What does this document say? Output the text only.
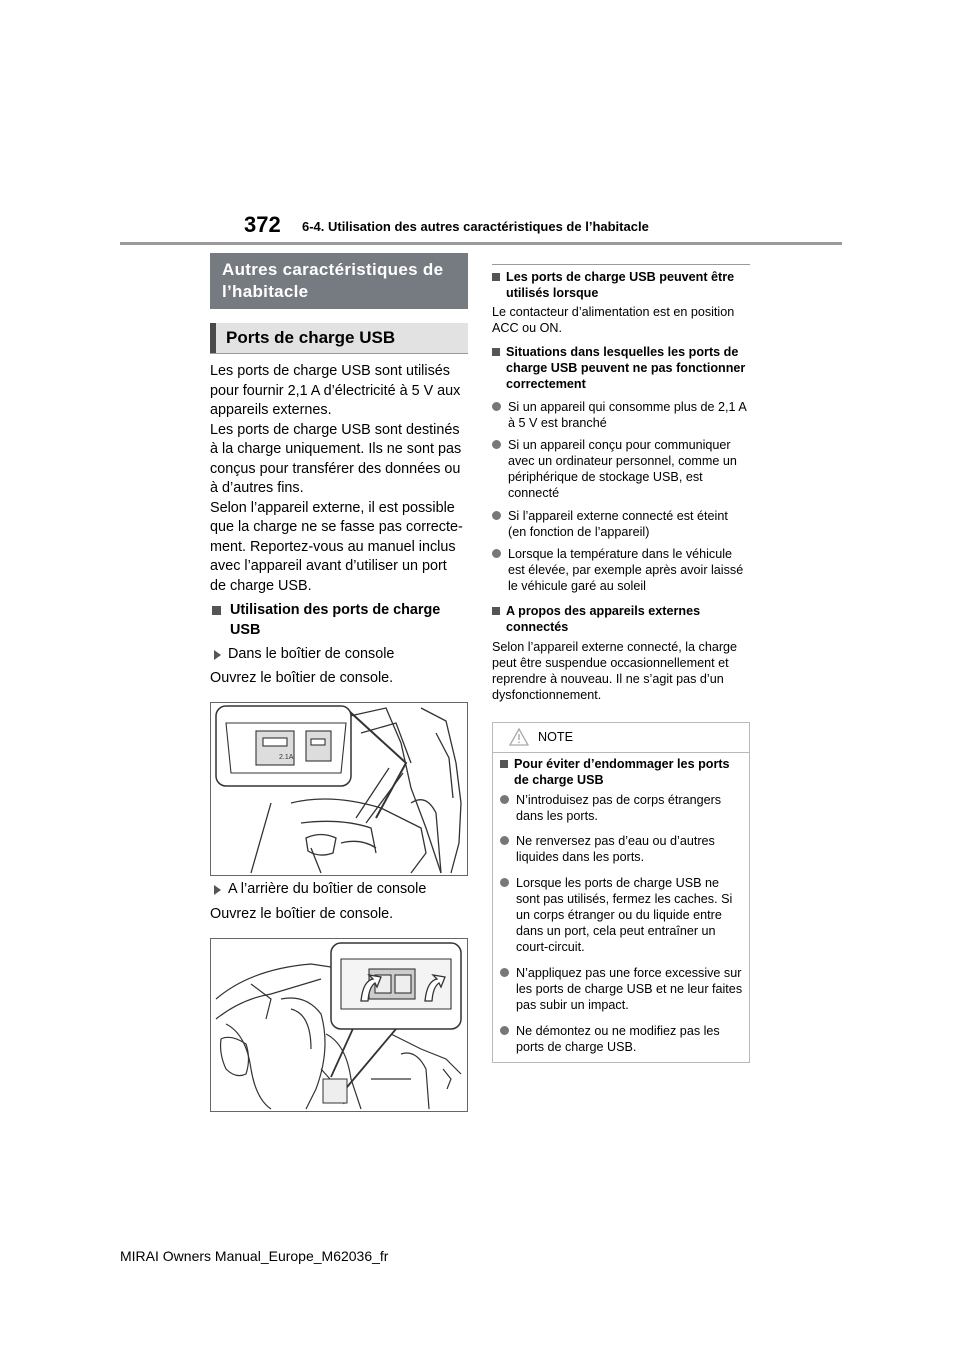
372 6-4. Utilisation des autres caractéristiques de l’habitacle
Autres caractéristiques de
l’habitacle
Ports de charge USB
Les ports de charge USB sont utilisés
pour fournir 2,1 A d’électricité à 5 V aux
appareils externes.
Les ports de charge USB sont destinés
à la charge uniquement. Ils ne sont pas
conçus pour transférer des données ou
à d’autres fins.
Selon l’appareil externe, il est possible
que la charge ne se fasse pas correcte-
ment. Reportez-vous au manuel inclus
avec l’appareil avant d’utiliser un port
de charge USB.
Utilisation des ports de charge
USB
Dans le boîtier de console
Ouvrez le boîtier de console.
2.1A
A l’arrière du boîtier de console
Ouvrez le boîtier de console.
Les ports de charge USB peuvent être
utilisés lorsque
Le contacteur d’alimentation est en position
ACC ou ON.
Situations dans lesquelles les ports de
charge USB peuvent ne pas fonctionner
correctement
Si un appareil qui consomme plus de 2,1 A
à 5 V est branché
Si un appareil conçu pour communiquer
avec un ordinateur personnel, comme un
périphérique de stockage USB, est
connecté
Si l’appareil externe connecté est éteint
(en fonction de l’appareil)
Lorsque la température dans le véhicule
est élevée, par exemple après avoir laissé
le véhicule garé au soleil
A propos des appareils externes
connectés
Selon l’appareil externe connecté, la charge
peut être suspendue occasionnellement et
reprendre à nouveau. Il ne s’agit pas d’un
dysfonctionnement.
NOTE
Pour éviter d’endommager les ports
de charge USB
N’introduisez pas de corps étrangers
dans les ports.
Ne renversez pas d’eau ou d’autres
liquides dans les ports.
Lorsque les ports de charge USB ne
sont pas utilisés, fermez les caches. Si
un corps étranger ou du liquide entre
dans un port, cela peut entraîner un
court-circuit.
N’appliquez pas une force excessive sur
les ports de charge USB et ne leur faites
pas subir un impact.
Ne démontez ou ne modifiez pas les
ports de charge USB.
MIRAI Owners Manual_Europe_M62036_fr
